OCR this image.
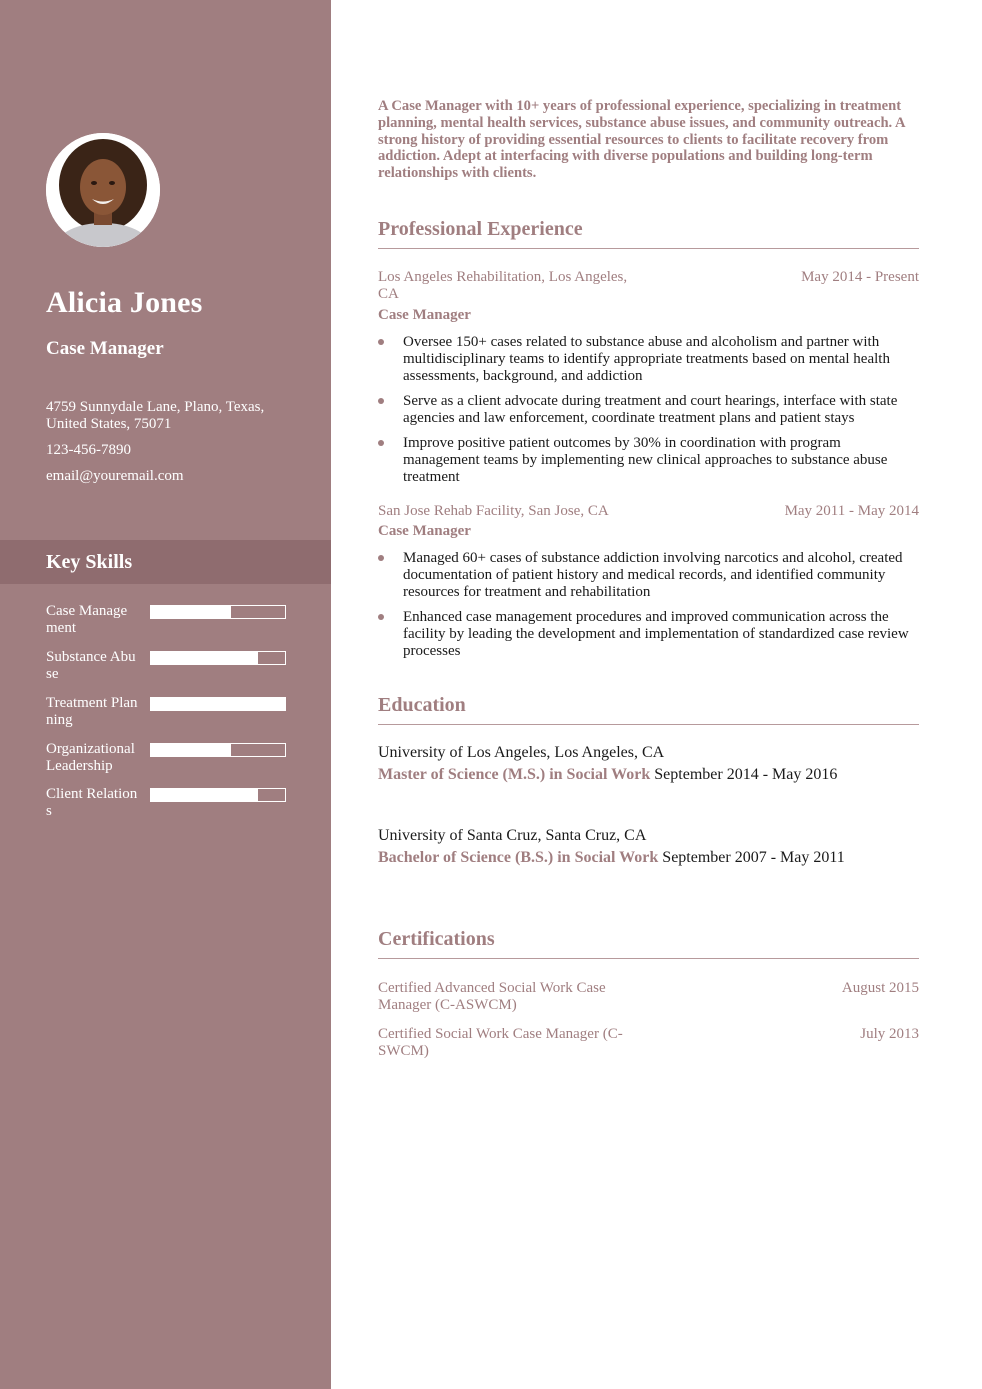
Alicia Jones
Case Manager
4759 Sunnydale Lane, Plano, Texas, United States, 75071
123-456-7890
email@youremail.com
Key Skills
Case Management
Substance Abuse
Treatment Planning
Organizational Leadership
Client Relations
A Case Manager with 10+ years of professional experience, specializing in treatment planning, mental health services, substance abuse issues, and community outreach. A strong history of providing essential resources to clients to facilitate recovery from addiction. Adept at interfacing with diverse populations and building long-term relationships with clients.
Professional Experience
Los Angeles Rehabilitation, Los Angeles, CA
May 2014 - Present
Case Manager
Oversee 150+ cases related to substance abuse and alcoholism and partner with multidisciplinary teams to identify appropriate treatments based on mental health assessments, background, and addiction
Serve as a client advocate during treatment and court hearings, interface with state agencies and law enforcement, coordinate treatment plans and patient stays
Improve positive patient outcomes by 30% in coordination with program management teams by implementing new clinical approaches to substance abuse treatment
San Jose Rehab Facility, San Jose, CA	May 2011 - May 2014
Case Manager
Managed 60+ cases of substance addiction involving narcotics and alcohol, created documentation of patient history and medical records, and identified community resources for treatment and rehabilitation
Enhanced case management procedures and improved communication across the facility by leading the development and implementation of standardized case review processes
Education
University of Los Angeles, Los Angeles, CA
Master of Science (M.S.) in Social Work September 2014 - May 2016
University of Santa Cruz, Santa Cruz, CA
Bachelor of Science (B.S.) in Social Work September 2007 - May 2011
Certifications
Certified Advanced Social Work Case Manager (C-ASWCM)
August 2015
Certified Social Work Case Manager (C-SWCM)
July 2013
